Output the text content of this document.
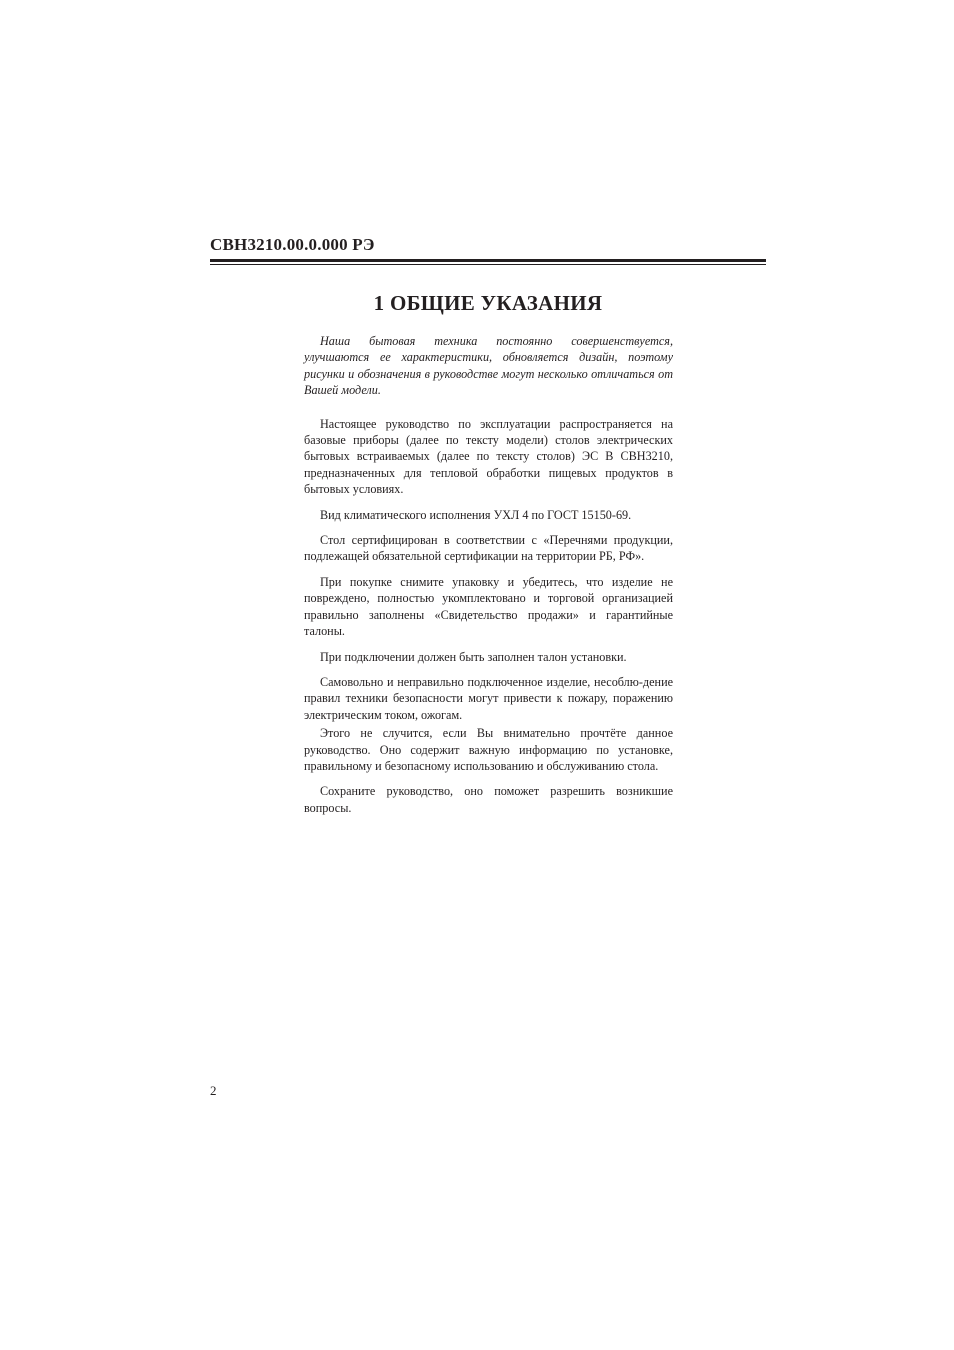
СВН3210.00.0.000 РЭ
1 ОБЩИЕ УКАЗАНИЯ

Наша бытовая техника постоянно совершенствуется, улучшаются ее характеристики, обновляется дизайн, поэтому рисунки и обозначения в руководстве могут несколько отличаться от Вашей модели.

Настоящее руководство по эксплуатации распространяется на базовые приборы (далее по тексту модели) столов электрических бытовых встраиваемых (далее по тексту столов) ЭС В СВН3210, предназначенных для тепловой обработки пищевых продуктов в бытовых условиях.

Вид климатического исполнения УХЛ 4 по ГОСТ 15150-69.

Стол сертифицирован в соответствии с «Перечнями продукции, подлежащей обязательной сертификации на территории РБ, РФ».

При покупке снимите упаковку и убедитесь, что изделие не повреждено, полностью укомплектовано и торговой организацией правильно заполнены «Свидетельство продажи» и гарантийные талоны.

При подключении должен быть заполнен талон установки.

Самовольно и неправильно подключенное изделие, несоблю-дение правил техники безопасности могут привести к пожару, поражению электрическим током, ожогам.

Этого не случится, если Вы внимательно прочтёте данное руководство. Оно содержит важную информацию по установке, правильному и безопасному использованию и обслуживанию стола.

Сохраните руководство, оно поможет разрешить возникшие вопросы.

2
